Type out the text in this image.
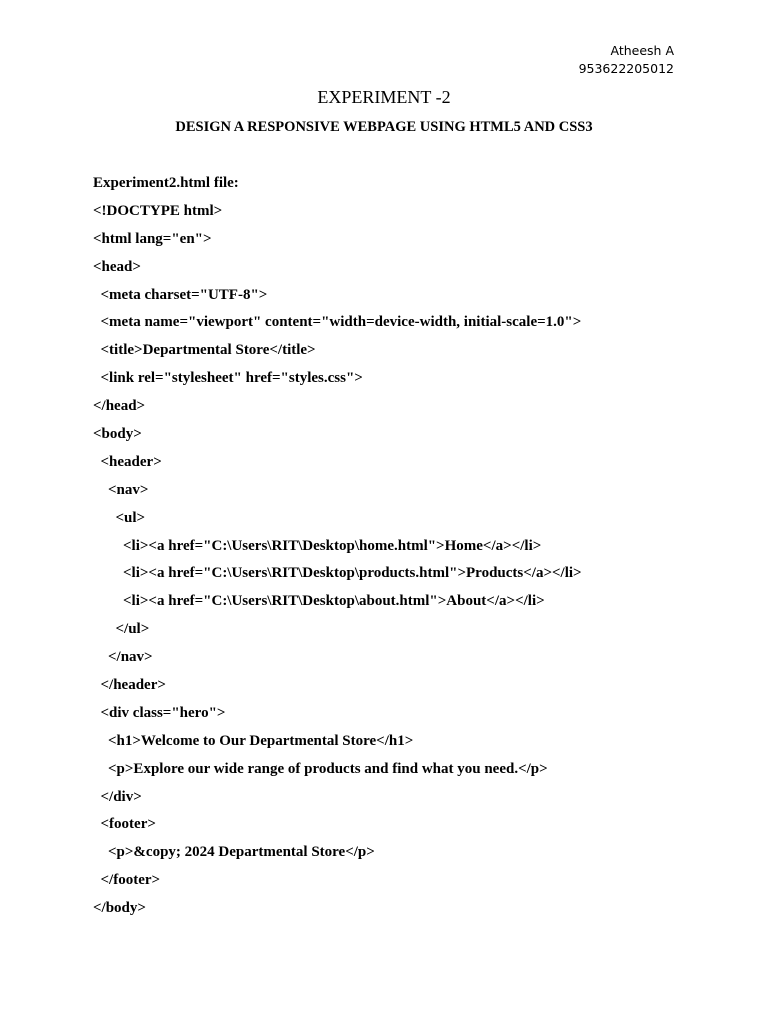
Atheesh A
953622205012
EXPERIMENT -2
DESIGN A RESPONSIVE WEBPAGE USING HTML5 AND CSS3
Experiment2.html file:
<!DOCTYPE html>
<html lang="en">
<head>
<meta charset="UTF-8">
<meta name="viewport" content="width=device-width, initial-scale=1.0">
<title>Departmental Store</title>
<link rel="stylesheet" href="styles.css">
</head>
<body>
<header>
<nav>
<ul>
<li><a href="C:\Users\RIT\Desktop\home.html">Home</a></li>
<li><a href="C:\Users\RIT\Desktop\products.html">Products</a></li>
<li><a href="C:\Users\RIT\Desktop\about.html">About</a></li>
</ul>
</nav>
</header>
<div class="hero">
<h1>Welcome to Our Departmental Store</h1>
<p>Explore our wide range of products and find what you need.</p>
</div>
<footer>
<p>&copy; 2024 Departmental Store</p>
</footer>
</body>
